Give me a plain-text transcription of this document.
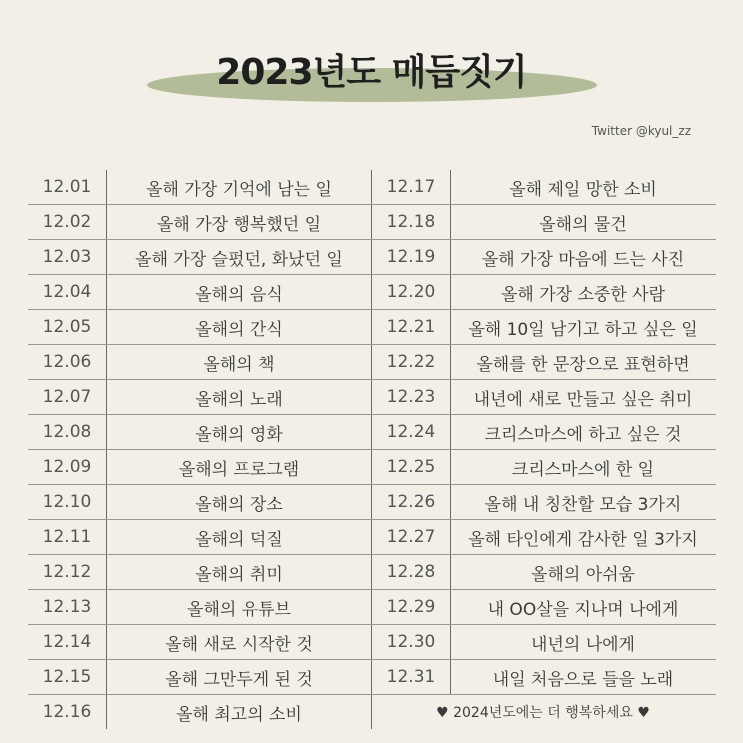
2023년도 매듭짓기
Twitter @kyul_zz
12.01	올해 가장 기억에 남는 일	12.17	올해 제일 망한 소비
12.02	올해 가장 행복했던 일	12.18	올해의 물건
12.03	올해 가장 슬펐던, 화났던 일	12.19	올해 가장 마음에 드는 사진
12.04	올해의 음식	12.20	올해 가장 소중한 사람
12.05	올해의 간식	12.21	올해 10일 남기고 하고 싶은 일
12.06	올해의 책	12.22	올해를 한 문장으로 표현하면
12.07	올해의 노래	12.23	내년에 새로 만들고 싶은 취미
12.08	올해의 영화	12.24	크리스마스에 하고 싶은 것
12.09	올해의 프로그램	12.25	크리스마스에 한 일
12.10	올해의 장소	12.26	올해 내 칭찬할 모습 3가지
12.11	올해의 덕질	12.27	올해 타인에게 감사한 일 3가지
12.12	올해의 취미	12.28	올해의 아쉬움
12.13	올해의 유튜브	12.29	내 OO살을 지나며 나에게
12.14	올해 새로 시작한 것	12.30	내년의 나에게
12.15	올해 그만두게 된 것	12.31	내일 처음으로 들을 노래
12.16	올해 최고의 소비	♥ 2024년도에는 더 행복하세요 ♥
